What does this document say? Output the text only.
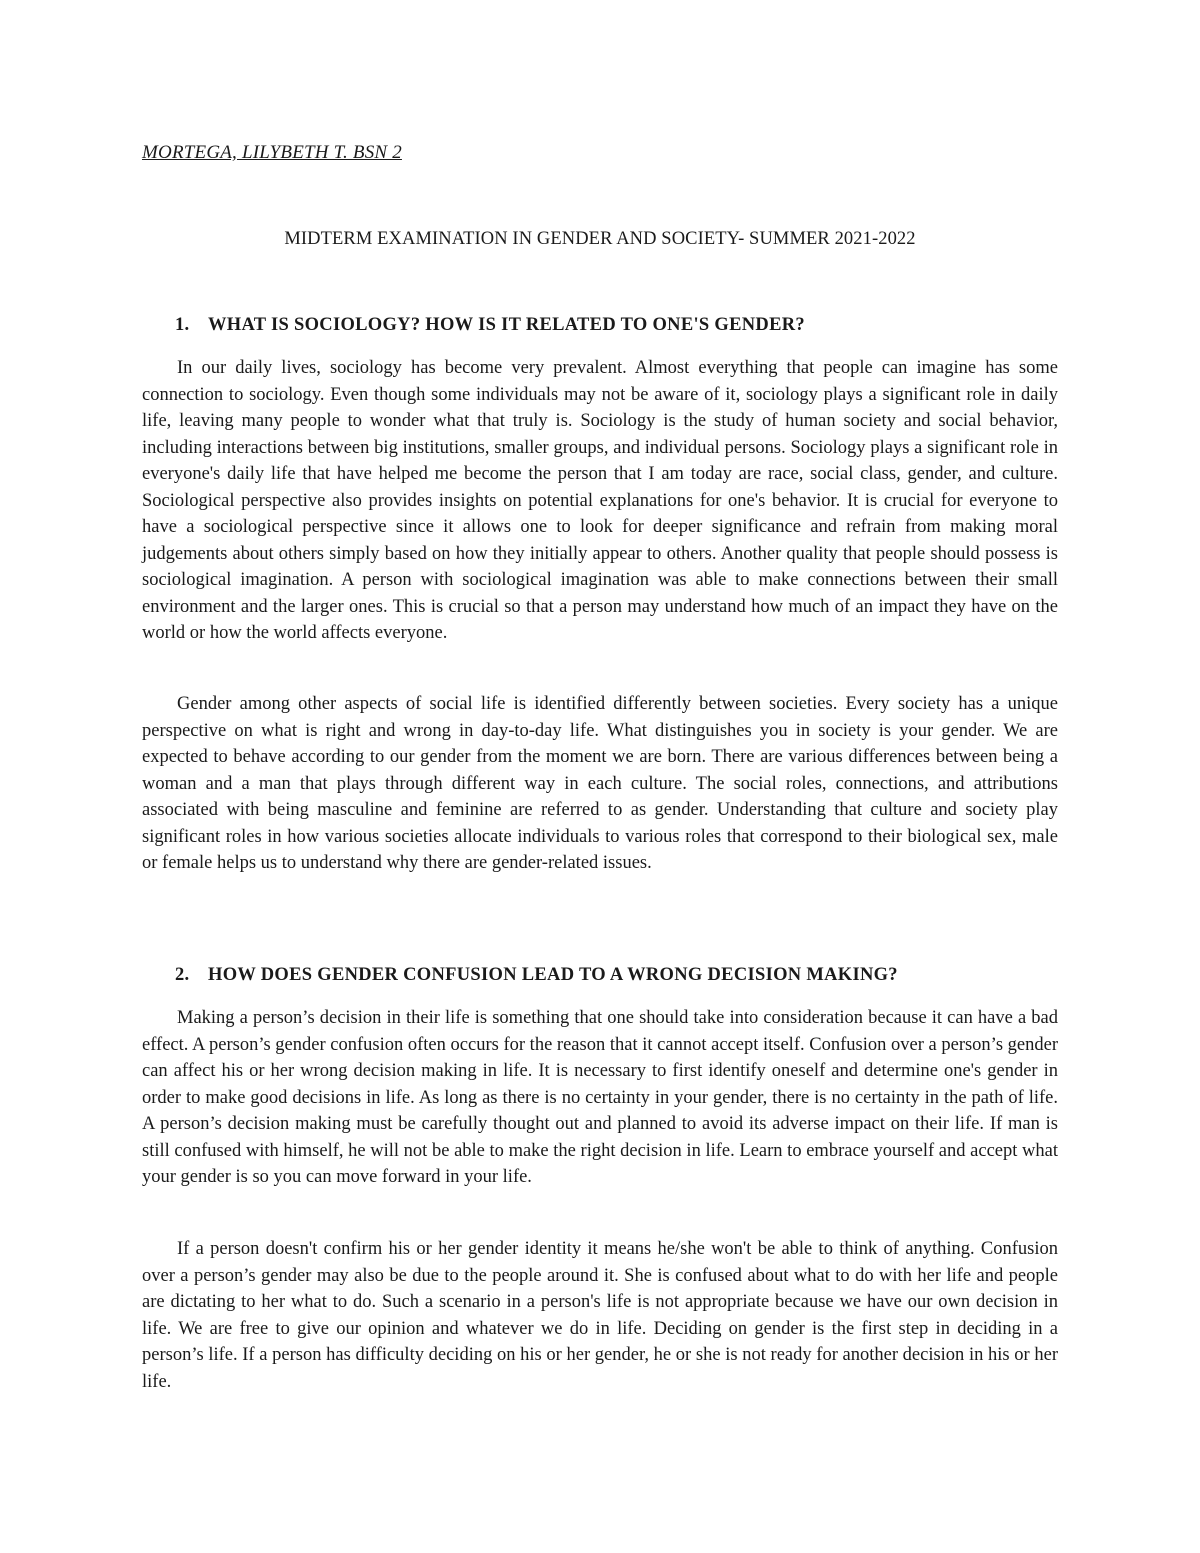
MORTEGA, LILYBETH T. BSN 2
MIDTERM EXAMINATION IN GENDER AND SOCIETY- SUMMER 2021-2022
1. WHAT IS SOCIOLOGY? HOW IS IT RELATED TO ONE'S GENDER?

In our daily lives, sociology has become very prevalent. Almost everything that people can imagine has some connection to sociology. Even though some individuals may not be aware of it, sociology plays a significant role in daily life, leaving many people to wonder what that truly is. Sociology is the study of human society and social behavior, including interactions between big institutions, smaller groups, and individual persons. Sociology plays a significant role in everyone's daily life that have helped me become the person that I am today are race, social class, gender, and culture. Sociological perspective also provides insights on potential explanations for one's behavior. It is crucial for everyone to have a sociological perspective since it allows one to look for deeper significance and refrain from making moral judgements about others simply based on how they initially appear to others. Another quality that people should possess is sociological imagination. A person with sociological imagination was able to make connections between their small environment and the larger ones. This is crucial so that a person may understand how much of an impact they have on the world or how the world affects everyone.

Gender among other aspects of social life is identified differently between societies. Every society has a unique perspective on what is right and wrong in day-to-day life. What distinguishes you in society is your gender. We are expected to behave according to our gender from the moment we are born. There are various differences between being a woman and a man that plays through different way in each culture. The social roles, connections, and attributions associated with being masculine and feminine are referred to as gender. Understanding that culture and society play significant roles in how various societies allocate individuals to various roles that correspond to their biological sex, male or female helps us to understand why there are gender-related issues.

2. HOW DOES GENDER CONFUSION LEAD TO A WRONG DECISION MAKING?

Making a person’s decision in their life is something that one should take into consideration because it can have a bad effect. A person’s gender confusion often occurs for the reason that it cannot accept itself. Confusion over a person’s gender can affect his or her wrong decision making in life. It is necessary to first identify oneself and determine one's gender in order to make good decisions in life. As long as there is no certainty in your gender, there is no certainty in the path of life. A person’s decision making must be carefully thought out and planned to avoid its adverse impact on their life. If man is still confused with himself, he will not be able to make the right decision in life. Learn to embrace yourself and accept what your gender is so you can move forward in your life.

If a person doesn't confirm his or her gender identity it means he/she won't be able to think of anything. Confusion over a person’s gender may also be due to the people around it. She is confused about what to do with her life and people are dictating to her what to do. Such a scenario in a person's life is not appropriate because we have our own decision in life. We are free to give our opinion and whatever we do in life. Deciding on gender is the first step in deciding in a person’s life. If a person has difficulty deciding on his or her gender, he or she is not ready for another decision in his or her life.
